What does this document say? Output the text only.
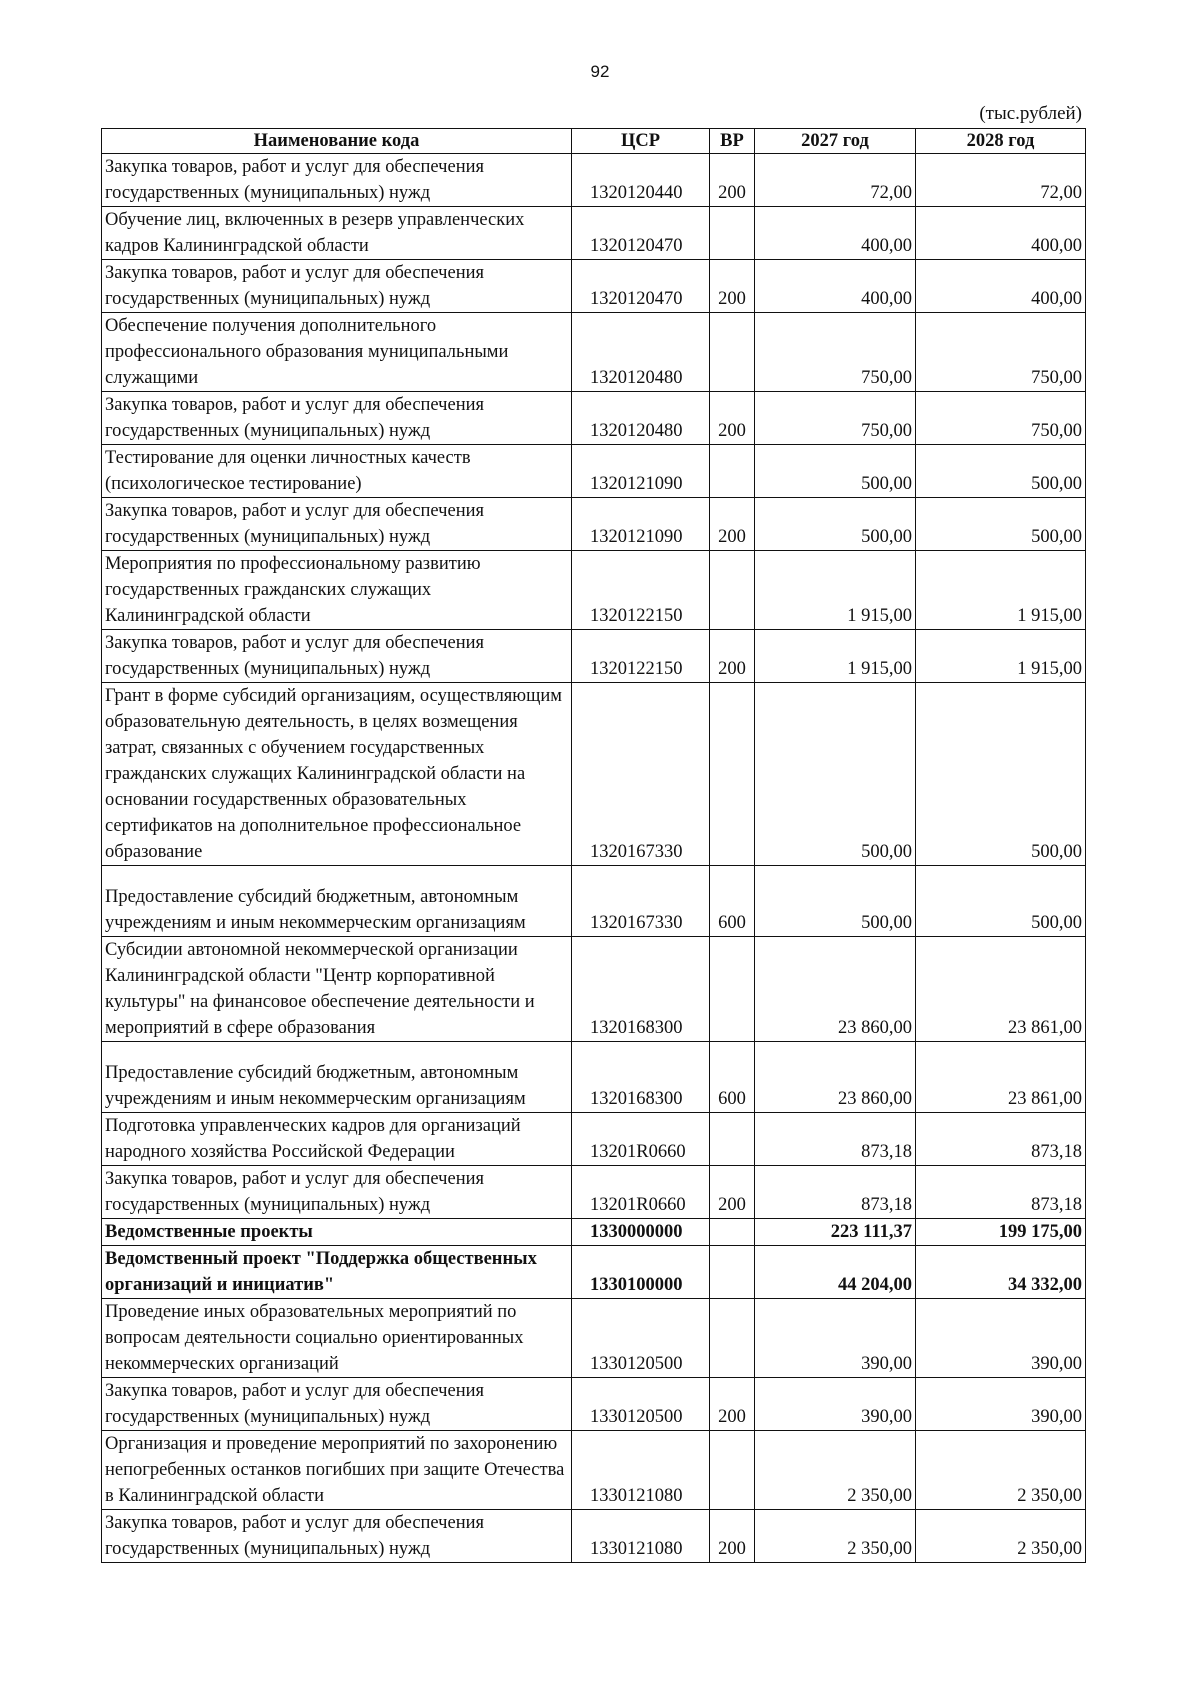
92
(тыс.рублей)
Наименование кода	ЦСР	ВР	2027 год	2028 год
Закупка товаров, работ и услуг для обеспечения государственных (муниципальных) нужд	1320120440	200	72,00	72,00
Обучение лиц, включенных в резерв управленческих кадров Калининградской области	1320120470		400,00	400,00
Закупка товаров, работ и услуг для обеспечения государственных (муниципальных) нужд	1320120470	200	400,00	400,00
Обеспечение получения дополнительного профессионального образования муниципальными служащими	1320120480		750,00	750,00
Закупка товаров, работ и услуг для обеспечения государственных (муниципальных) нужд	1320120480	200	750,00	750,00
Тестирование для оценки личностных качеств (психологическое тестирование)	1320121090		500,00	500,00
Закупка товаров, работ и услуг для обеспечения государственных (муниципальных) нужд	1320121090	200	500,00	500,00
Мероприятия по профессиональному развитию государственных гражданских служащих Калининградской области	1320122150		1 915,00	1 915,00
Закупка товаров, работ и услуг для обеспечения государственных (муниципальных) нужд	1320122150	200	1 915,00	1 915,00
Грант в форме субсидий организациям, осуществляющим образовательную деятельность, в целях возмещения затрат, связанных с обучением государственных гражданских служащих Калининградской области на основании государственных образовательных сертификатов на дополнительное профессиональное образование	1320167330		500,00	500,00
Предоставление субсидий бюджетным, автономным учреждениям и иным некоммерческим организациям	1320167330	600	500,00	500,00
Субсидии автономной некоммерческой организации Калининградской области "Центр корпоративной культуры" на финансовое обеспечение деятельности и мероприятий в сфере образования	1320168300		23 860,00	23 861,00
Предоставление субсидий бюджетным, автономным учреждениям и иным некоммерческим организациям	1320168300	600	23 860,00	23 861,00
Подготовка управленческих кадров для организаций народного хозяйства Российской Федерации	13201R0660		873,18	873,18
Закупка товаров, работ и услуг для обеспечения государственных (муниципальных) нужд	13201R0660	200	873,18	873,18
Ведомственные проекты	1330000000		223 111,37	199 175,00
Ведомственный проект "Поддержка общественных организаций и инициатив"	1330100000		44 204,00	34 332,00
Проведение иных образовательных мероприятий по вопросам деятельности социально ориентированных некоммерческих организаций	1330120500		390,00	390,00
Закупка товаров, работ и услуг для обеспечения государственных (муниципальных) нужд	1330120500	200	390,00	390,00
Организация и проведение мероприятий по захоронению непогребенных останков погибших при защите Отечества в Калининградской области	1330121080		2 350,00	2 350,00
Закупка товаров, работ и услуг для обеспечения государственных (муниципальных) нужд	1330121080	200	2 350,00	2 350,00
